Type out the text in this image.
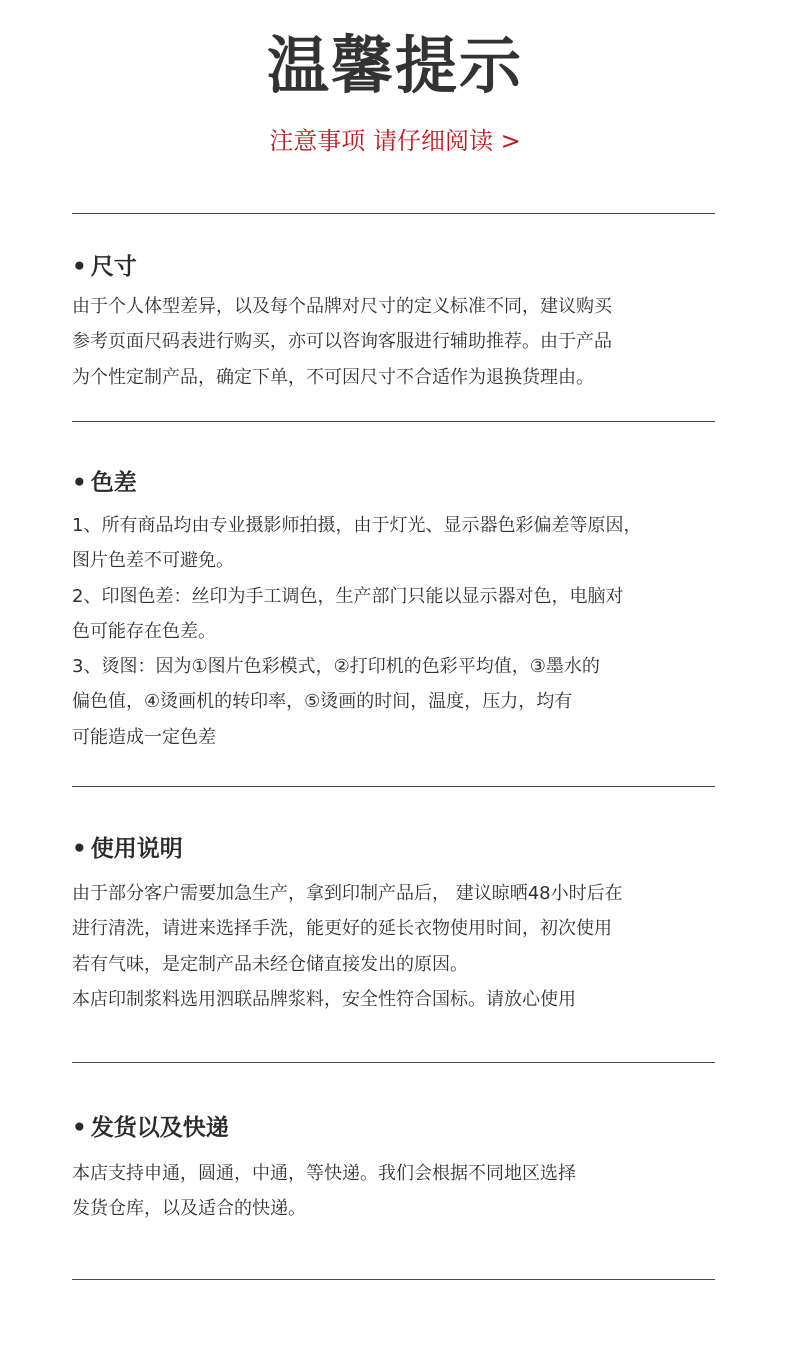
温馨提示
注意事项 请仔细阅读 >
• 尺寸
由于个人体型差异，以及每个品牌对尺寸的定义标准不同，建议购买
参考页面尺码表进行购买，亦可以咨询客服进行辅助推荐。由于产品
为个性定制产品，确定下单，不可因尺寸不合适作为退换货理由。
• 色差
1、所有商品均由专业摄影师拍摄，由于灯光、显示器色彩偏差等原因，
图片色差不可避免。
2、印图色差：丝印为手工调色，生产部门只能以显示器对色，电脑对
色可能存在色差。
3、烫图：因为①图片色彩模式，②打印机的色彩平均值，③墨水的
偏色值，④烫画机的转印率，⑤烫画的时间，温度，压力，均有
可能造成一定色差
• 使用说明
由于部分客户需要加急生产，拿到印制产品后， 建议晾晒48小时后在
进行清洗，请进来选择手洗，能更好的延长衣物使用时间，初次使用
若有气味，是定制产品未经仓储直接发出的原因。
本店印制浆料选用泗联品牌浆料，安全性符合国标。请放心使用
• 发货以及快递
本店支持申通，圆通，中通，等快递。我们会根据不同地区选择
发货仓库，以及适合的快递。
